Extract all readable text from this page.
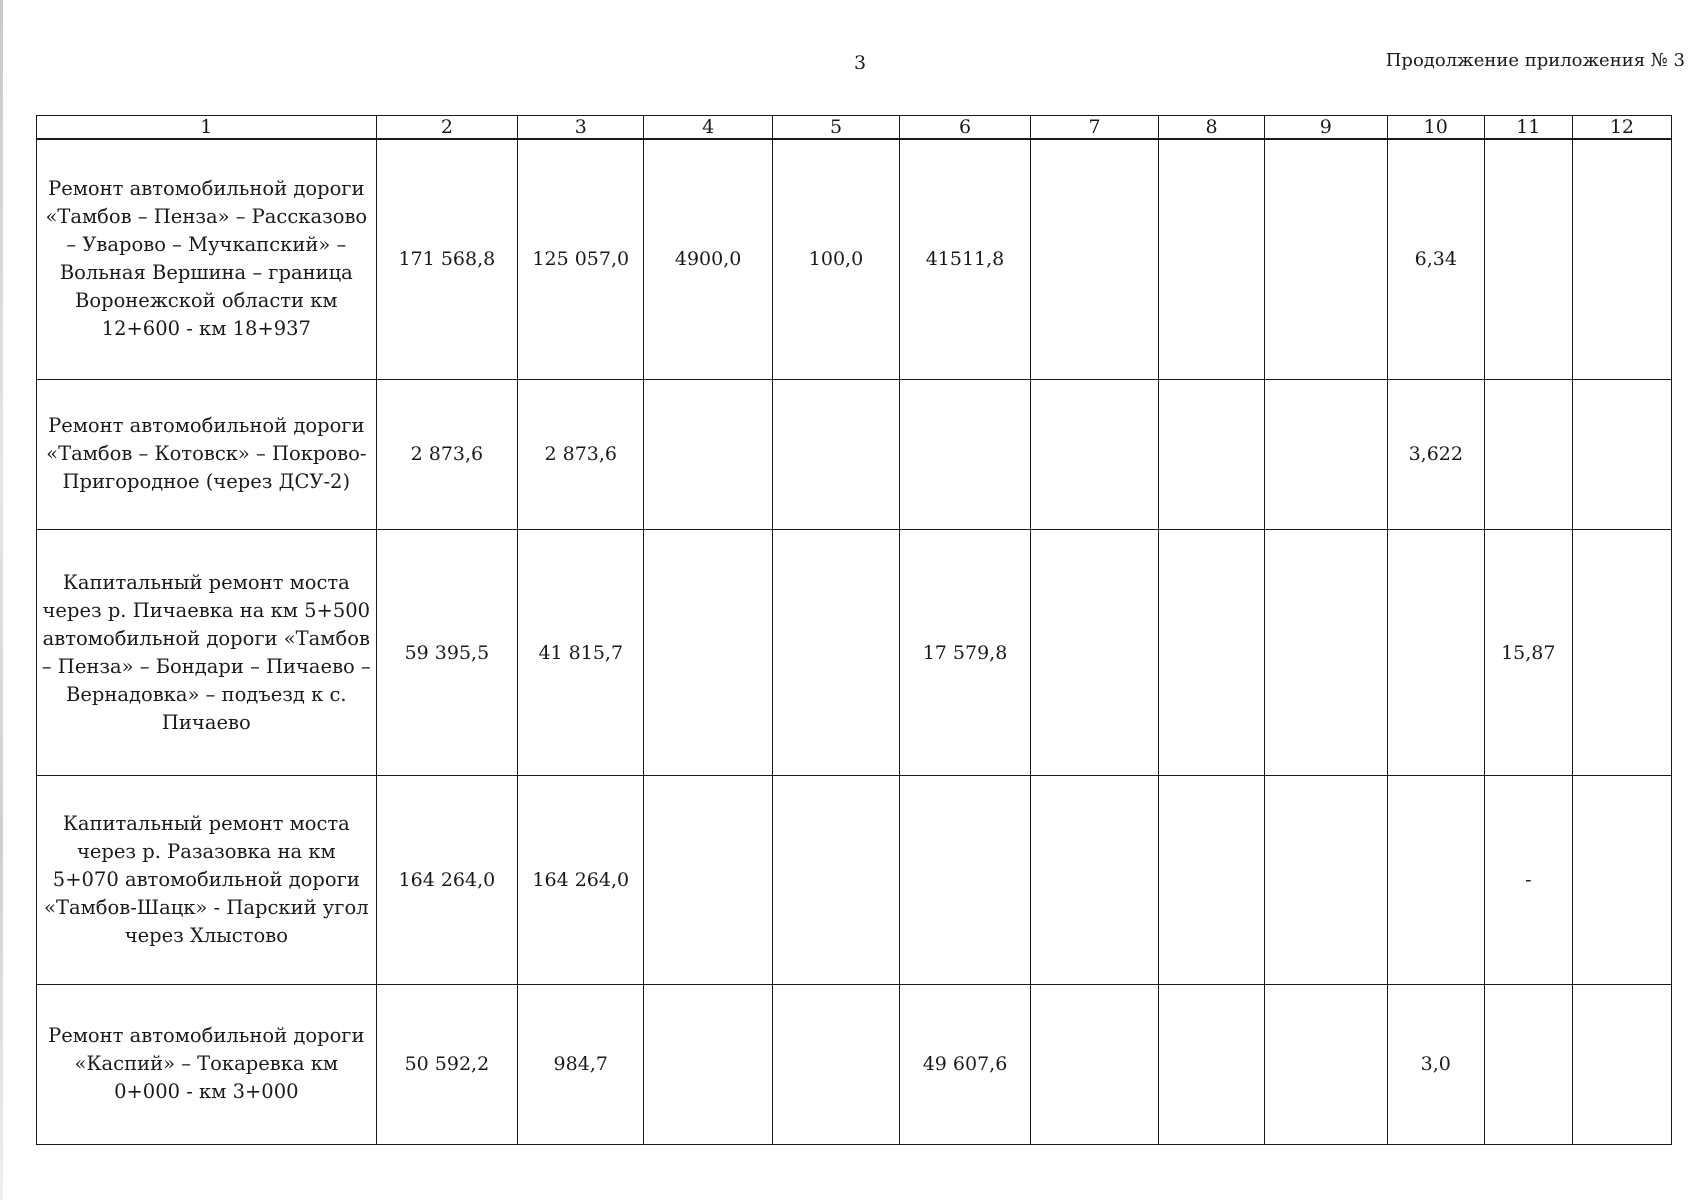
3	Продолжение приложения № 3
1	2	3	4	5	6	7	8	9	10	11	12
Ремонт автомобильной дороги «Тамбов – Пенза» – Рассказово – Уварово – Мучкапский» – Вольная Вершина – граница Воронежской области км 12+600 - км 18+937	171 568,8	125 057,0	4900,0	100,0	41511,8				6,34		
Ремонт автомобильной дороги «Тамбов – Котовск» – Покрово-Пригородное (через ДСУ-2)	2 873,6	2 873,6							3,622		
Капитальный ремонт моста через р. Пичаевка на км 5+500 автомобильной дороги «Тамбов – Пенза» – Бондари – Пичаево – Вернадовка» – подъезд к с. Пичаево	59 395,5	41 815,7			17 579,8					15,87	
Капитальный ремонт моста через р. Разазовка на км 5+070 автомобильной дороги «Тамбов-Шацк» - Парский угол через Хлыстово	164 264,0	164 264,0								-	
Ремонт автомобильной дороги «Каспий» – Токаревка км 0+000 - км 3+000	50 592,2	984,7			49 607,6				3,0		
